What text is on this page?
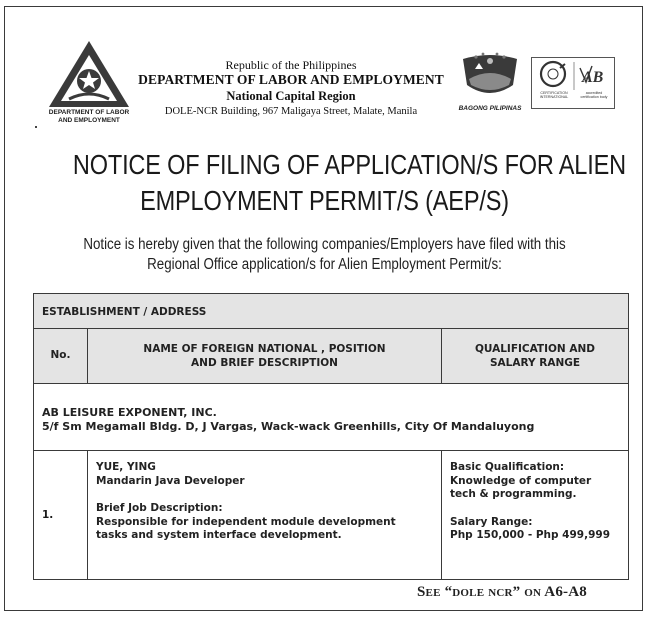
DEPARTMENT OF LABOR
AND EMPLOYMENT
Republic of the Philippines
DEPARTMENT OF LABOR AND EMPLOYMENT
National Capital Region
DOLE-NCR Building, 967 Maligaya Street, Malate, Manila	BAGONG PILIPINAS
AB
CERTIFICATION
INTERNATIONAL
accredited
certification body
NOTICE OF FILING OF APPLICATION/S FOR ALIEN
EMPLOYMENT PERMIT/S (AEP/S)
Notice is hereby given that the following companies/Employers have filed with this
Regional Office application/s for Alien Employment Permit/s:
ESTABLISHMENT / ADDRESS
No.	NAME OF FOREIGN NATIONAL , POSITION
AND BRIEF DESCRIPTION
QUALIFICATION AND
SALARY RANGE
AB LEISURE EXPONENT, INC.
5/f Sm Megamall Bldg. D, J Vargas, Wack-wack Greenhills, City Of Mandaluyong
1.
YUE, YING
Mandarin Java Developer
Brief Job Description:
Responsible for independent module development
tasks and system interface development.
Basic Qualification:
Knowledge of computer
tech & programming.
Salary Range:
Php 150,000 - Php 499,999
See “dole ncr” on A6-A8
